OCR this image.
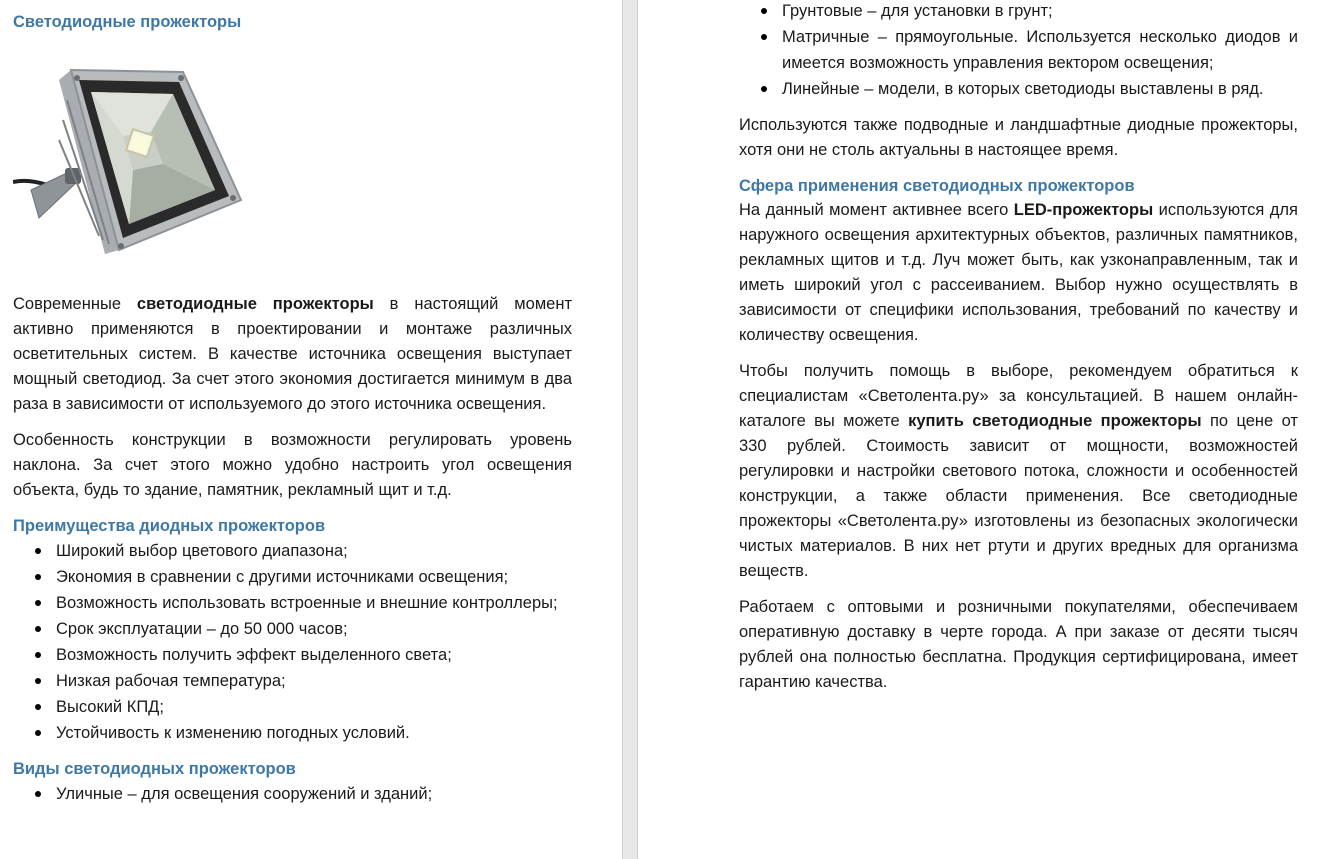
Светодиодные прожекторы

Современные светодиодные прожекторы в настоящий момент активно применяются в проектировании и монтаже различных осветительных систем. В качестве источника освещения выступает мощный светодиод. За счет этого экономия достигается минимум в два раза в зависимости от используемого до этого источника освещения.

Особенность конструкции в возможности регулировать уровень наклона. За счет этого можно удобно настроить угол освещения объекта, будь то здание, памятник, рекламный щит и т.д.

Преимущества диодных прожекторов
Широкий выбор цветового диапазона;
Экономия в сравнении с другими источниками освещения;
Возможность использовать встроенные и внешние контроллеры;
Срок эксплуатации – до 50 000 часов;
Возможность получить эффект выделенного света;
Низкая рабочая температура;
Высокий КПД;
Устойчивость к изменению погодных условий.
Виды светодиодных прожекторов
Уличные – для освещения сооружений и зданий;
Грунтовые – для установки в грунт;
Матричные – прямоугольные. Используется несколько диодов и имеется возможность управления вектором освещения;
Линейные – модели, в которых светодиоды выставлены в ряд.

Используются также подводные и ландшафтные диодные прожекторы, хотя они не столь актуальны в настоящее время.

Сфера применения светодиодных прожекторов

На данный момент активнее всего LED-прожекторы используются для наружного освещения архитектурных объектов, различных памятников, рекламных щитов и т.д. Луч может быть, как узконаправленным, так и иметь широкий угол с рассеиванием. Выбор нужно осуществлять в зависимости от специфики использования, требований по качеству и количеству освещения.

Чтобы получить помощь в выборе, рекомендуем обратиться к специалистам «Светолента.ру» за консультацией. В нашем онлайн-каталоге вы можете купить светодиодные прожекторы по цене от 330 рублей. Стоимость зависит от мощности, возможностей регулировки и настройки светового потока, сложности и особенностей конструкции, а также области применения. Все светодиодные прожекторы «Светолента.ру» изготовлены из безопасных экологически чистых материалов. В них нет ртути и других вредных для организма веществ.

Работаем с оптовыми и розничными покупателями, обеспечиваем оперативную доставку в черте города. А при заказе от десяти тысяч рублей она полностью бесплатна. Продукция сертифицирована, имеет гарантию качества.
